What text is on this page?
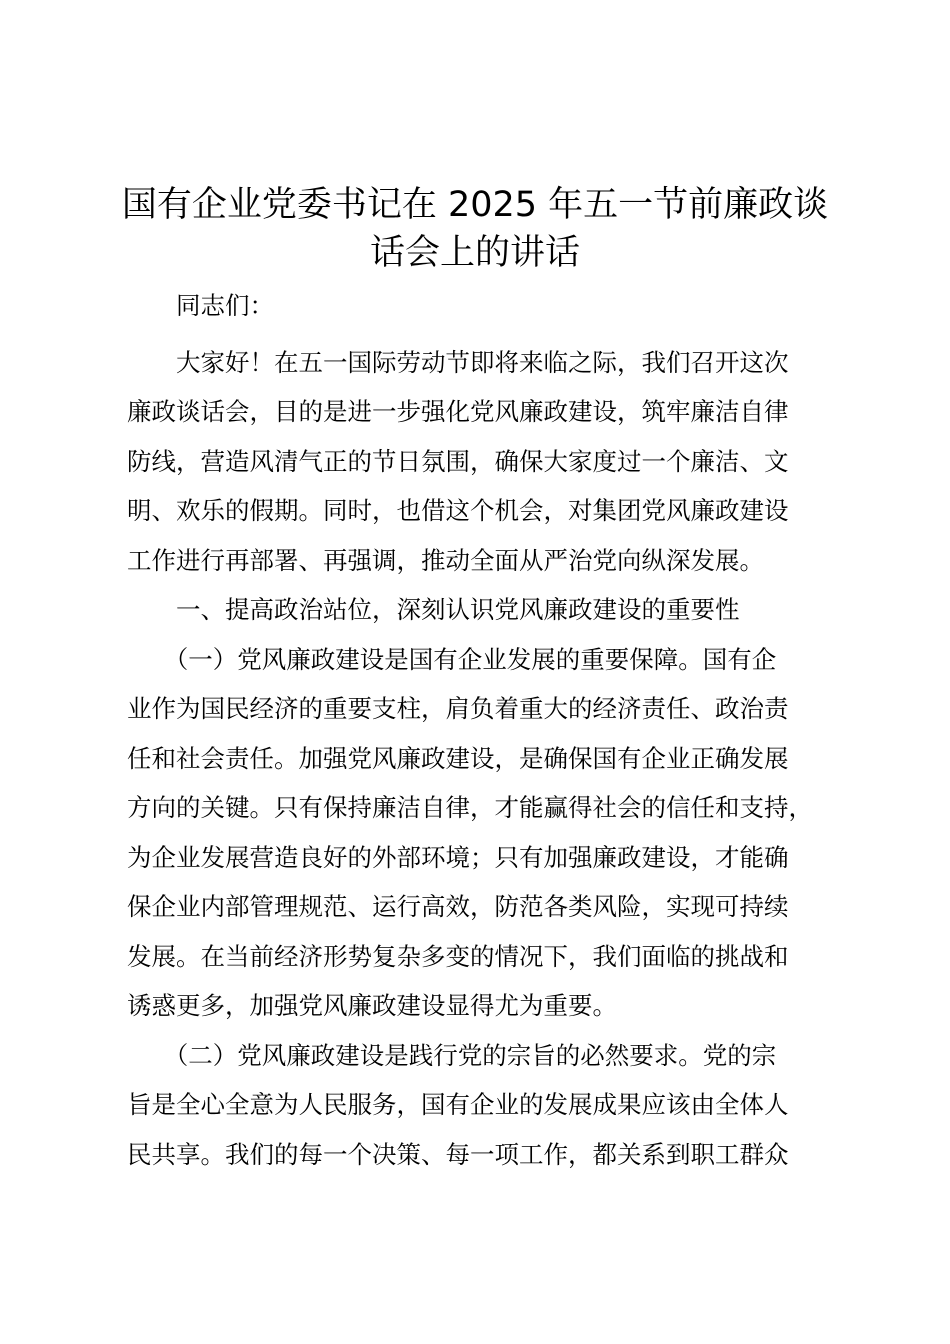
国有企业党委书记在 2025 年五一节前廉政谈
话会上的讲话
　　同志们：
　　大家好！在五一国际劳动节即将来临之际，我们召开这次
廉政谈话会，目的是进一步强化党风廉政建设，筑牢廉洁自律
防线，营造风清气正的节日氛围，确保大家度过一个廉洁、文
明、欢乐的假期。同时，也借这个机会，对集团党风廉政建设
工作进行再部署、再强调，推动全面从严治党向纵深发展。
　　一、提高政治站位，深刻认识党风廉政建设的重要性
　　（一）党风廉政建设是国有企业发展的重要保障。国有企
业作为国民经济的重要支柱，肩负着重大的经济责任、政治责
任和社会责任。加强党风廉政建设，是确保国有企业正确发展
方向的关键。只有保持廉洁自律，才能赢得社会的信任和支持，
为企业发展营造良好的外部环境；只有加强廉政建设，才能确
保企业内部管理规范、运行高效，防范各类风险，实现可持续
发展。在当前经济形势复杂多变的情况下，我们面临的挑战和
诱惑更多，加强党风廉政建设显得尤为重要。
　　（二）党风廉政建设是践行党的宗旨的必然要求。党的宗
旨是全心全意为人民服务，国有企业的发展成果应该由全体人
民共享。我们的每一个决策、每一项工作，都关系到职工群众
